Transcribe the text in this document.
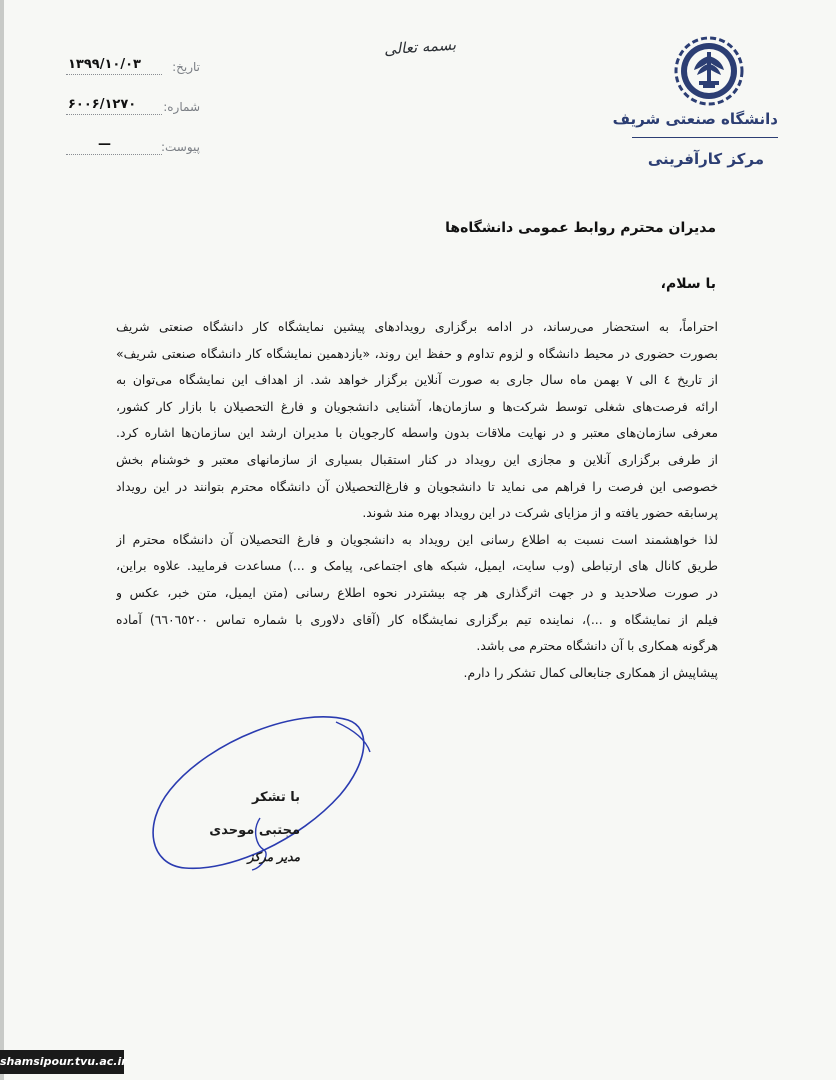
بسمه تعالی
۱۳۹۹/۱۰/۰۳	تاریخ:
۶۰۰۶/۱۲۷۰ شماره:
—	پیوست:
دانشگاه صنعتی شریف
مرکز کارآفرینی
مدیران محترم روابط عمومی دانشگاه‌ها
با سلام،
احتراماً، به استحضار می‌رساند، در ادامه برگزاری رویدادهای پیشین نمایشگاه کار دانشگاه صنعتی شریف
بصورت حضوری در محیط دانشگاه و لزوم تداوم و حفظ این روند، «یازدهمین نمایشگاه کار دانشگاه صنعتی شریف»
از تاریخ ٤ الی ٧ بهمن ماه سال جاری به صورت آنلاین برگزار خواهد شد. از اهداف این نمایشگاه می‌توان به
ارائه فرصت‌های شغلی توسط شرکت‌ها و سازمان‌ها، آشنایی دانشجویان و فارغ التحصیلان با بازار کار کشور،
معرفی سازمان‌های معتبر و در نهایت ملاقات بدون واسطه کارجویان با مدیران ارشد این سازمان‌ها اشاره کرد.
از طرفی برگزاری آنلاین و مجازی این رویداد در کنار استقبال بسیاری از سازمانهای معتبر و خوشنام بخش
خصوصی این فرصت را فراهم می نماید تا دانشجویان و فارغ‌التحصیلان آن دانشگاه محترم بتوانند در این رویداد
پرسابقه حضور یافته و از مزایای شرکت در این رویداد بهره مند شوند.
لذا خواهشمند است نسبت به اطلاع رسانی این رویداد به دانشجویان و فارغ التحصیلان آن دانشگاه محترم از
طریق کانال های ارتباطی (وب سایت، ایمیل، شبکه های اجتماعی، پیامک و ...) مساعدت فرمایید. علاوه براین،
در صورت صلاحدید و در جهت اثرگذاری هر چه بیشتردر نحوه اطلاع رسانی (متن ایمیل، متن خبر، عکس و
فیلم از نمایشگاه و ...)، نماینده تیم برگزاری نمایشگاه کار (آقای دلاوری با شماره تماس ٦٦٠٦٥٢٠٠) آماده
هرگونه همکاری با آن دانشگاه محترم می باشد.
پیشاپیش از همکاری جنابعالی کمال تشکر را دارم.
با تشکر
مجتبی موحدی
مدیر مرکز
shamsipour.tvu.ac.ir
